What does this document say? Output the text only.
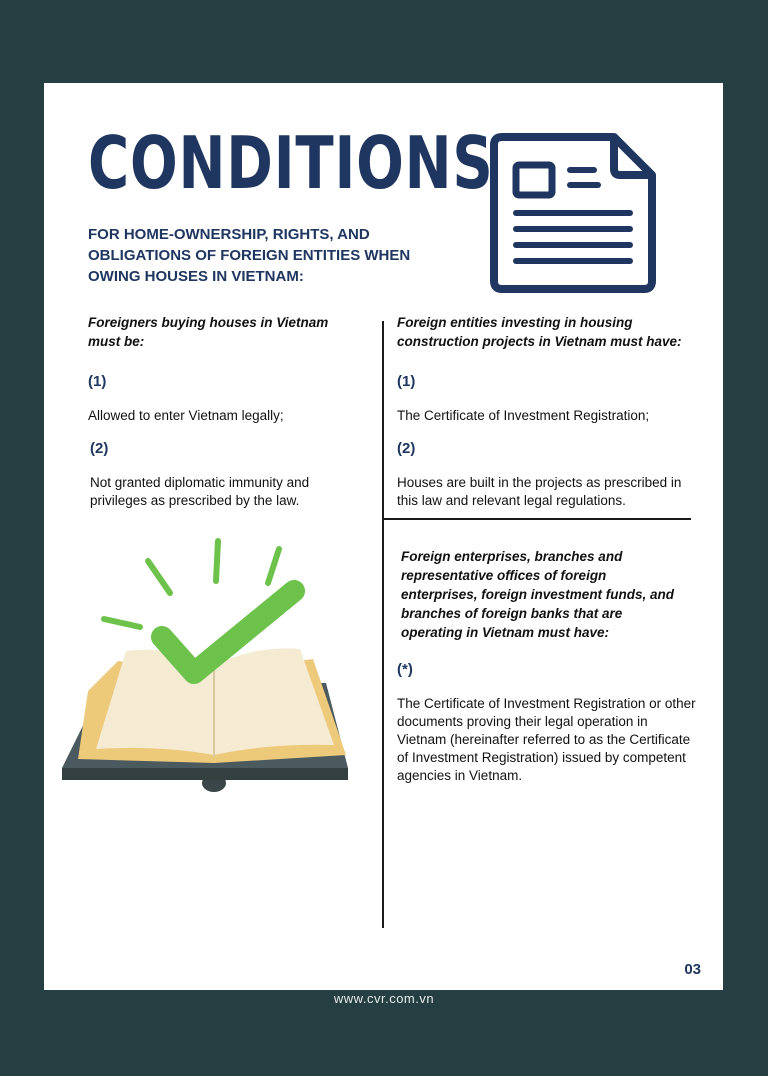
CONDITIONS

FOR HOME-OWNERSHIP, RIGHTS, AND OBLIGATIONS OF FOREIGN ENTITIES WHEN OWING HOUSES IN VIETNAM:

Foreigners buying houses in Vietnam must be:
(1)
Allowed to enter Vietnam legally;
(2)
Not granted diplomatic immunity and privileges as prescribed by the law.
Foreign entities investing in housing construction projects in Vietnam must have:
(1)
The Certificate of Investment Registration;
(2)
Houses are built in the projects as prescribed in this law and relevant legal regulations.
Foreign enterprises, branches and representative offices of foreign enterprises, foreign investment funds, and branches of foreign banks that are operating in Vietnam must have:
(*)
The Certificate of Investment Registration or other documents proving their legal operation in Vietnam (hereinafter referred to as the Certificate of Investment Registration) issued by competent agencies in Vietnam.
03
www.cvr.com.vn
